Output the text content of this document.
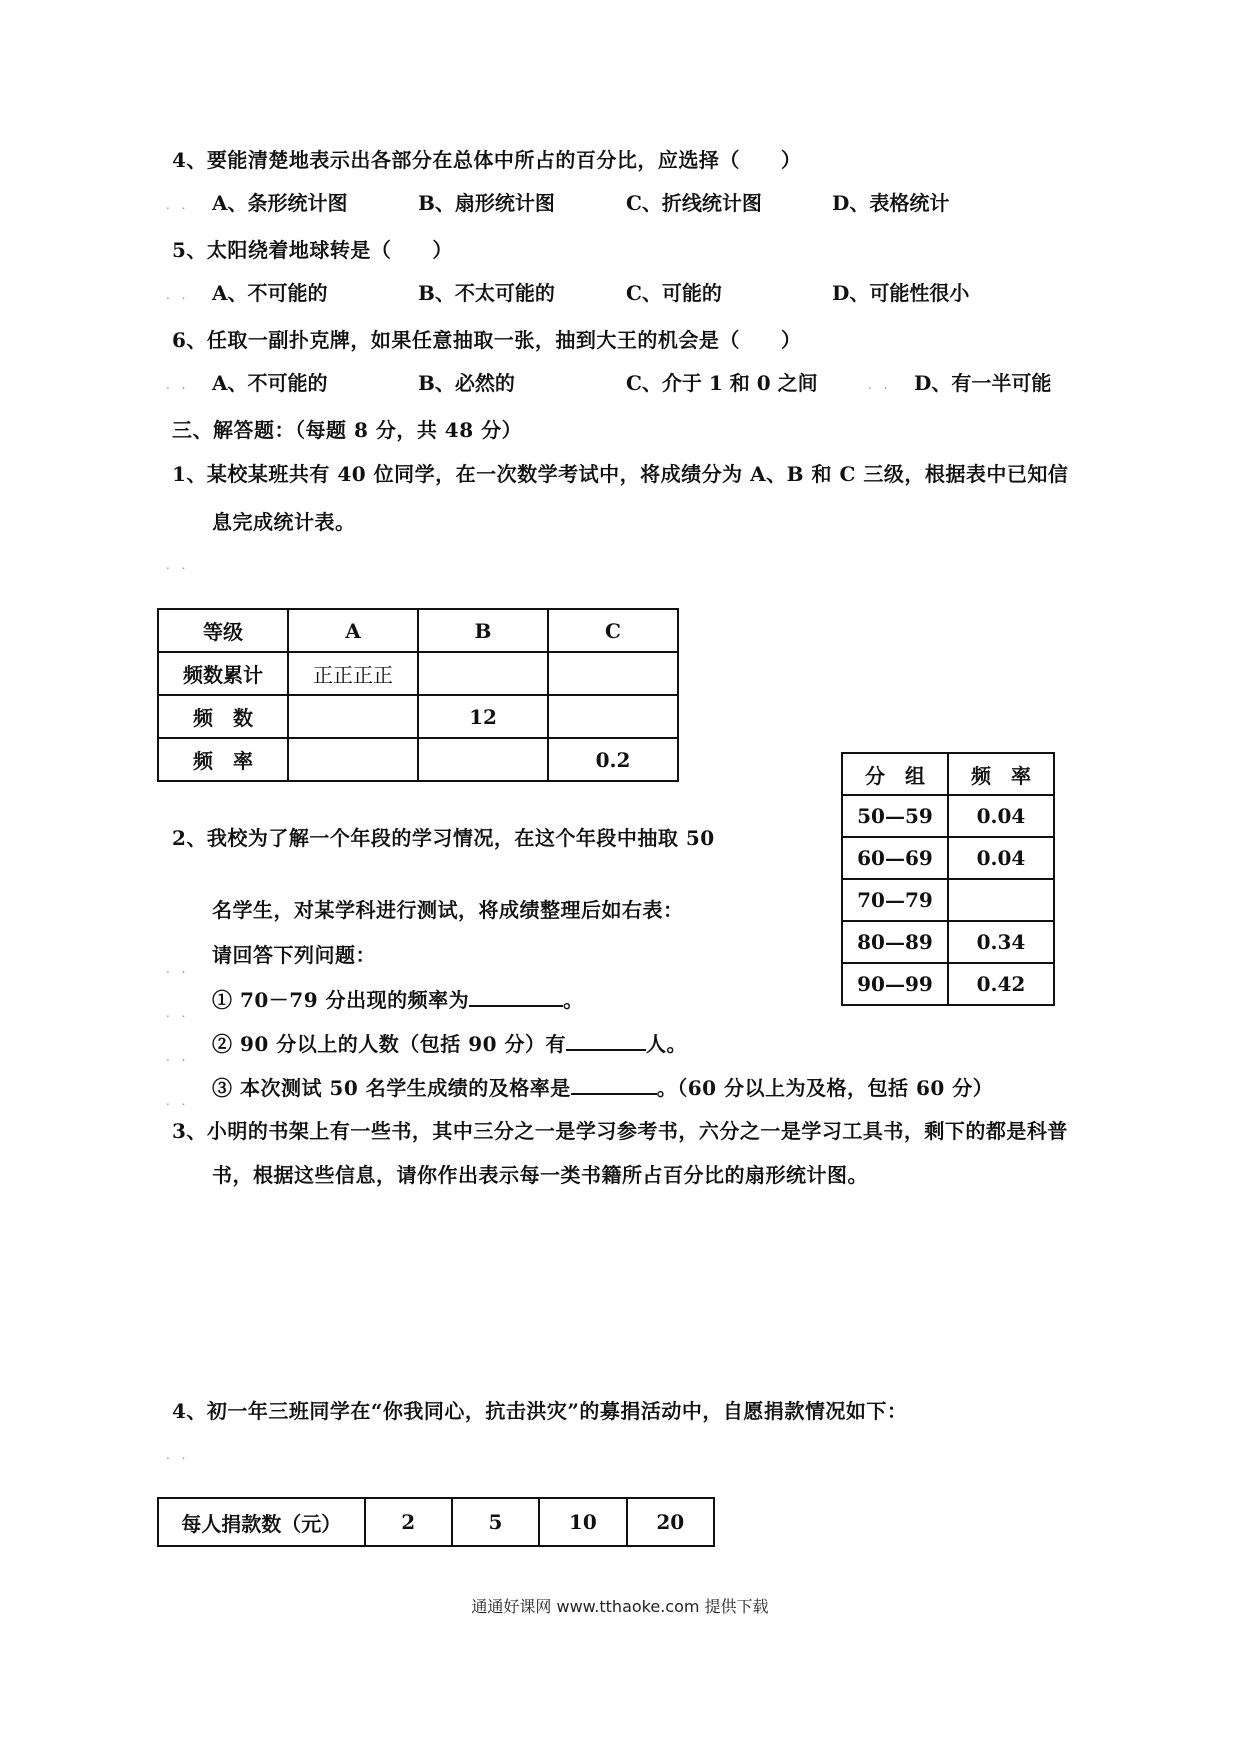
4、要能清楚地表示出各部分在总体中所占的百分比，应选择（　　）
. . A、条形统计图	B、扇形统计图	C、折线统计图	D、表格统计
5、太阳绕着地球转是（　　）
. . A、不可能的	B、不太可能的	C、可能的	D、可能性很小
6、任取一副扑克牌，如果任意抽取一张，抽到大王的机会是（　　）
. . A、不可能的	B、必然的	C、介于 1 和 0 之间	. . D、有一半可能
三、解答题：（每题 8 分，共 48 分）
1、某校某班共有 40 位同学，在一次数学考试中，将成绩分为 A、B 和 C 三级，根据表中已知信
息完成统计表。
. .
等级	A	B	C
频数累计	正正正正		
频　数		12	
频　率			0.2
分　组	频　率
50—59	0.04
60—69	0.04
70—79	
80—89	0.34
90—99	0.42
2、我校为了解一个年段的学习情况，在这个年段中抽取 50
名学生，对某学科进行测试，将成绩整理后如右表：
. .
请回答下列问题：
. .
① 70－79 分出现的频率为	。
. .
② 90 分以上的人数（包括 90 分）有	人。
. .
③ 本次测试 50 名学生成绩的及格率是	。（60 分以上为及格，包括 60 分）
3、小明的书架上有一些书，其中三分之一是学习参考书，六分之一是学习工具书，剩下的都是科普
书，根据这些信息，请你作出表示每一类书籍所占百分比的扇形统计图。
4、初一年三班同学在“你我同心，抗击洪灾”的募捐活动中，自愿捐款情况如下：
. .
每人捐款数（元）	2	5	10	20
通通好课网 www.tthaoke.com 提供下载
